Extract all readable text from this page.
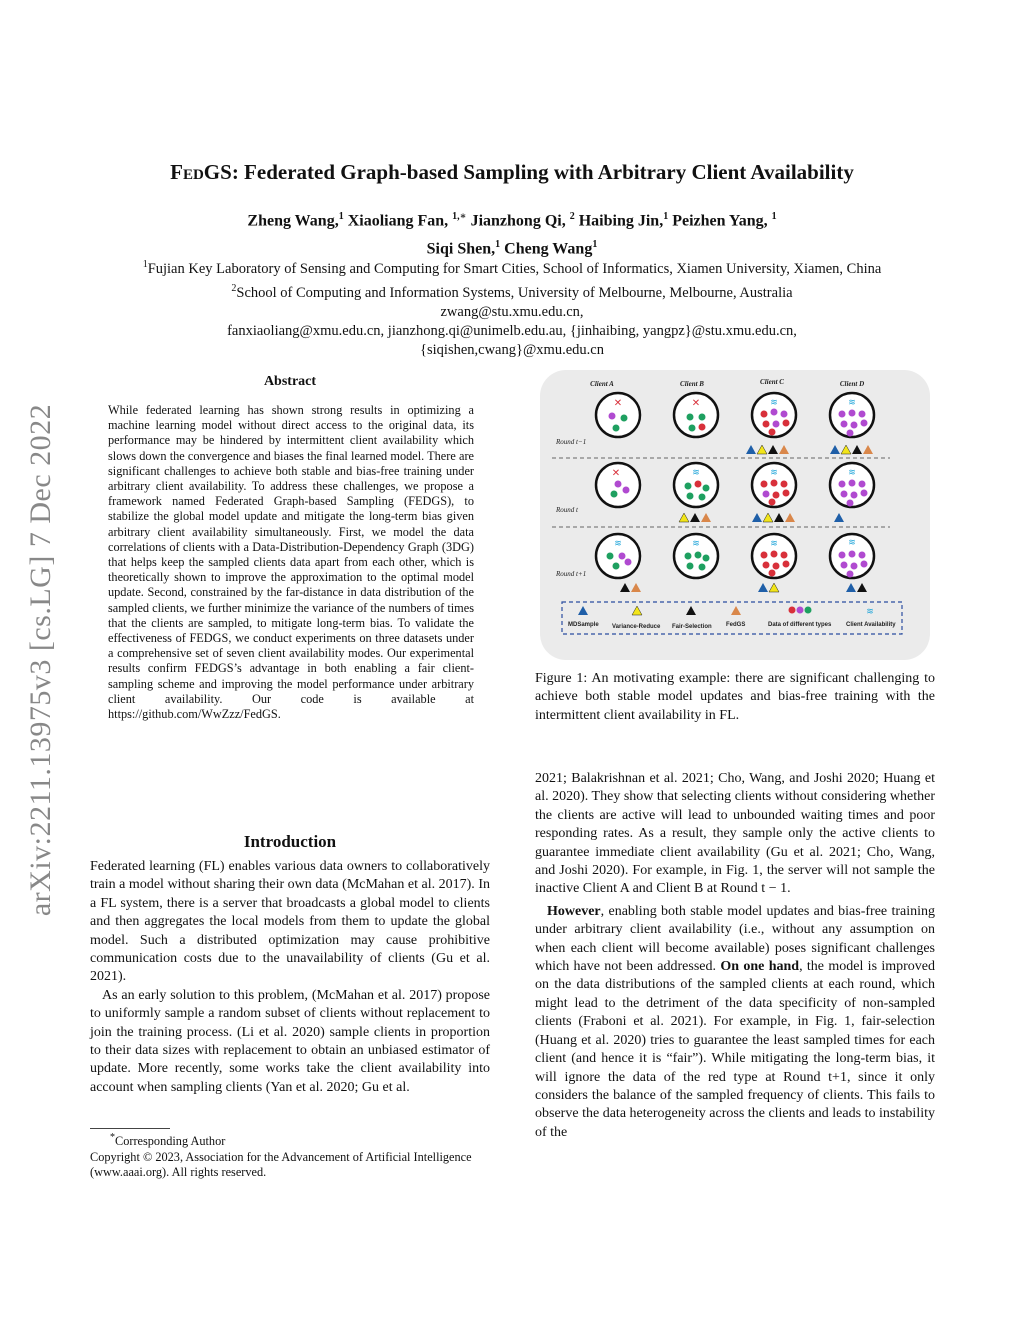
arXiv:2211.13975v3 [cs.LG] 7 Dec 2022
FedGS: Federated Graph-based Sampling with Arbitrary Client Availability
Zheng Wang,$^1$ Xiaoliang Fan, $^{1,∗}$ Jianzhong Qi, $^2$ Haibing Jin,$^1$ Peizhen Yang, $^1$
Siqi Shen,$^1$ Cheng Wang$^1$
$^1$Fujian Key Laboratory of Sensing and Computing for Smart Cities, School of Informatics, Xiamen University, Xiamen, China
$^2$School of Computing and Information Systems, University of Melbourne, Melbourne, Australia
zwang@stu.xmu.edu.cn,
fanxiaoliang@xmu.edu.cn, jianzhong.qi@unimelb.edu.au, {jinhaibing, yangpz}@stu.xmu.edu.cn,
{siqishen,cwang}@xmu.edu.cn
Abstract
While federated learning has shown strong results in optimizing a machine learning model without direct access to the original data, its performance may be hindered by intermittent client availability which slows down the convergence and biases the final learned model. There are significant challenges to achieve both stable and bias-free training under arbitrary client availability. To address these challenges, we propose a framework named Federated Graph-based Sampling (FEDGS), to stabilize the global model update and mitigate the long-term bias given arbitrary client availability simultaneously. First, we model the data correlations of clients with a Data-Distribution-Dependency Graph (3DG) that helps keep the sampled clients data apart from each other, which is theoretically shown to improve the approximation to the optimal model update. Second, constrained by the far-distance in data distribution of the sampled clients, we further minimize the variance of the numbers of times that the clients are sampled, to mitigate long-term bias. To validate the effectiveness of FEDGS, we conduct experiments on three datasets under a comprehensive set of seven client availability modes. Our experimental results confirm FEDGS’s advantage in both enabling a fair client-sampling scheme and improving the model performance under arbitrary client availability. Our code is available at https://github.com/WwZzz/FedGS.
Introduction

Federated learning (FL) enables various data owners to collaboratively train a model without sharing their own data (McMahan et al. 2017). In a FL system, there is a server that broadcasts a global model to clients and then aggregates the local models from them to update the global model. Such a distributed optimization may cause prohibitive communication costs due to the unavailability of clients (Gu et al. 2021).

As an early solution to this problem, (McMahan et al. 2017) propose to uniformly sample a random subset of clients without replacement to join the training process. (Li et al. 2020) sample clients in proportion to their data sizes with replacement to obtain an unbiased estimator of update. More recently, some works take the client availability into account when sampling clients (Yan et al. 2020; Gu et al.

*Corresponding Author
Copyright © 2023, Association for the Advancement of Artificial Intelligence (www.aaai.org). All rights reserved.
Client A	Client B	Client C	Client D
Round t−1
Round t
Round t+1
✕	✕	≋	≋
✕	≋	≋	≋
≋	≋	≋	≋
MDSample Variance-Reduce Fair-Selection FedGS	Data of different types
≋
Client Availability
Figure 1: An motivating example: there are significant challenging to achieve both stable model updates and bias-free training with the intermittent client availability in FL.

2021; Balakrishnan et al. 2021; Cho, Wang, and Joshi 2020; Huang et al. 2020). They show that selecting clients without considering whether the clients are active will lead to unbounded waiting times and poor responding rates. As a result, they sample only the active clients to guarantee immediate client availability (Gu et al. 2021; Cho, Wang, and Joshi 2020). For example, in Fig. 1, the server will not sample the inactive Client A and Client B at Round t − 1.

However, enabling both stable model updates and bias-free training under arbitrary client availability (i.e., without any assumption on when each client will become available) poses significant challenges which have not been addressed. On one hand, the model is improved on the data distributions of the sampled clients at each round, which might lead to the detriment of the data specificity of non-sampled clients (Fraboni et al. 2021). For example, in Fig. 1, fair-selection (Huang et al. 2020) tries to guarantee the least sampled times for each client (and hence it is “fair”). While mitigating the long-term bias, it will ignore the data of the red type at Round t+1, since it only considers the balance of the sampled frequency of clients. This fails to observe the data heterogeneity across the clients and leads to instability of the
